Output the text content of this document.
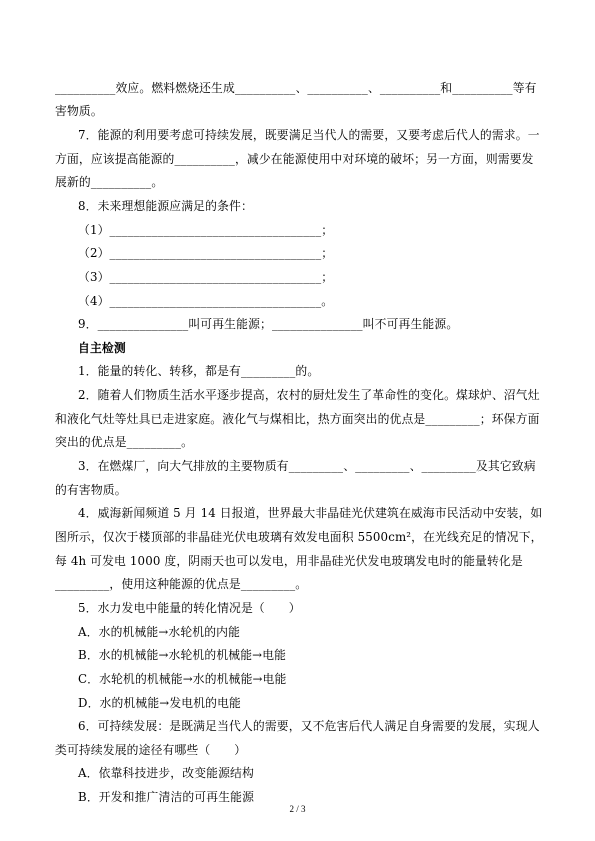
__________效应。燃料燃烧还生成__________、__________、__________和__________等有
害物质。
7．能源的利用要考虑可持续发展，既要满足当代人的需要，又要考虑后代人的需求。一
方面，应该提高能源的__________，减少在能源使用中对环境的破坏；另一方面，则需要发
展新的__________。
8．未来理想能源应满足的条件：
（1）___________________________________；
（2）___________________________________；
（3）___________________________________；
（4）___________________________________。
9．_______________叫可再生能源；_______________叫不可再生能源。
自主检测
1．能量的转化、转移，都是有_________的。
2．随着人们物质生活水平逐步提高，农村的厨灶发生了革命性的变化。煤球炉、沼气灶
和液化气灶等灶具已走进家庭。液化气与煤相比，热方面突出的优点是_________；环保方面
突出的优点是_________。
3．在燃煤厂，向大气排放的主要物质有_________、_________、_________及其它致病
的有害物质。
4．威海新闻频道 5 月 14 日报道，世界最大非晶硅光伏建筑在威海市民活动中安装，如
图所示，仅次于楼顶部的非晶硅光伏电玻璃有效发电面积 5500cm²，在光线充足的情况下，
每 4h 可发电 1000 度，阴雨天也可以发电，用非晶硅光伏发电玻璃发电时的能量转化是
_________，使用这种能源的优点是_________。
5．水力发电中能量的转化情况是（　　）
A．水的机械能→水轮机的内能
B．水的机械能→水轮机的机械能→电能
C．水轮机的机械能→水的机械能→电能
D．水的机械能→发电机的电能
6．可持续发展：是既满足当代人的需要，又不危害后代人满足自身需要的发展，实现人
类可持续发展的途径有哪些（　　）
A．依靠科技进步，改变能源结构
B．开发和推广清洁的可再生能源
2 / 3
